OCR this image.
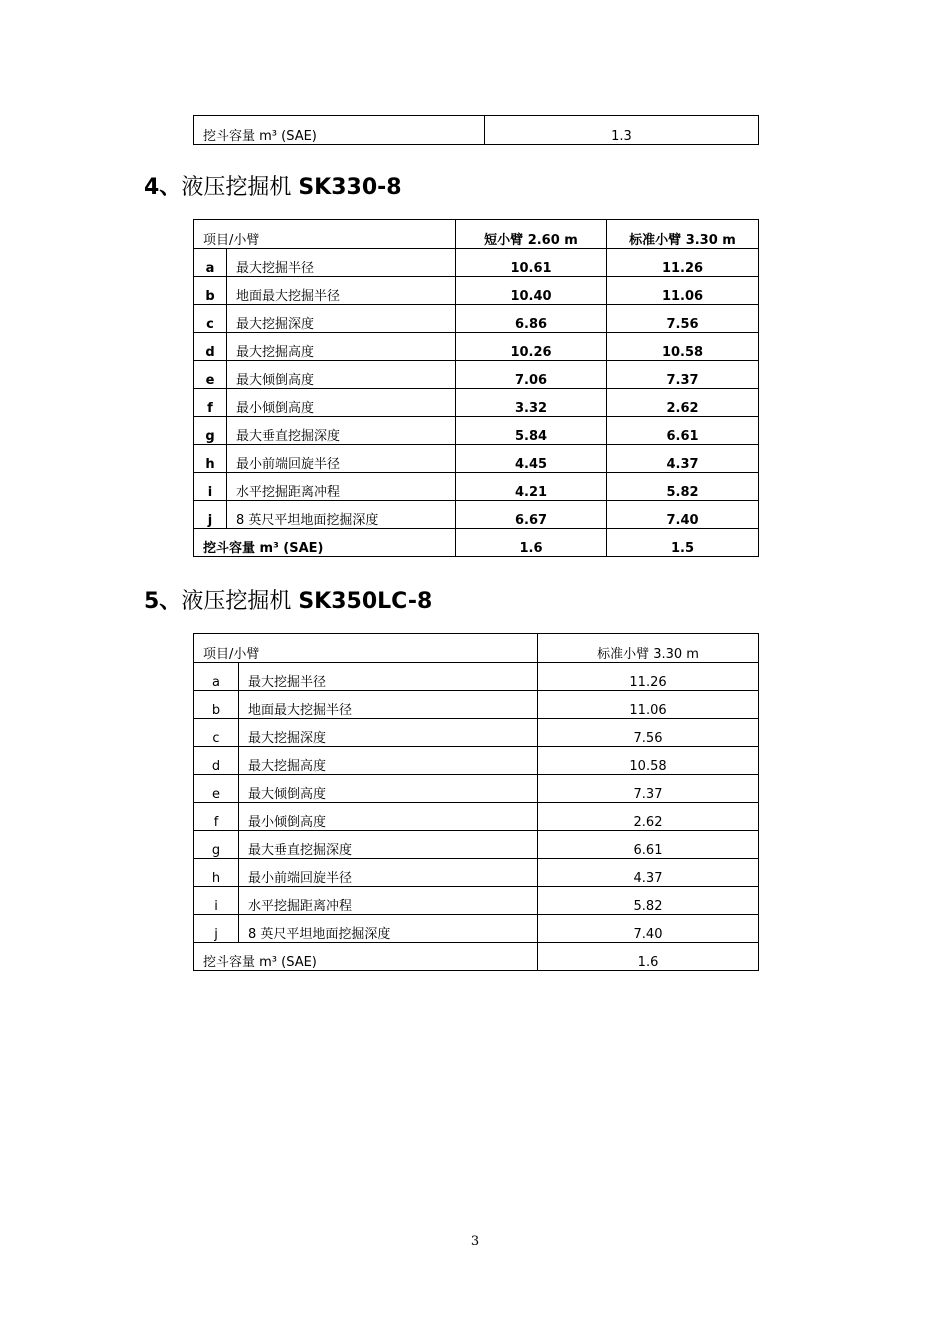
挖斗容量 m³ (SAE)	1.3
4、液压挖掘机 SK330-8
项目/小臂		短小臂 2.60 m	标准小臂 3.30 m
a	最大挖掘半径	10.61	11.26
b	地面最大挖掘半径	10.40	11.06
c	最大挖掘深度	6.86	7.56
d	最大挖掘高度	10.26	10.58
e	最大倾倒高度	7.06	7.37
f	最小倾倒高度	3.32	2.62
g	最大垂直挖掘深度	5.84	6.61
h	最小前端回旋半径	4.45	4.37
i	水平挖掘距离冲程	4.21	5.82
j	8 英尺平坦地面挖掘深度	6.67	7.40
挖斗容量 m³ (SAE)		1.6	1.5
5、液压挖掘机 SK350LC-8
项目/小臂		标准小臂 3.30 m
a	最大挖掘半径	11.26
b	地面最大挖掘半径	11.06
c	最大挖掘深度	7.56
d	最大挖掘高度	10.58
e	最大倾倒高度	7.37
f	最小倾倒高度	2.62
g	最大垂直挖掘深度	6.61
h	最小前端回旋半径	4.37
i	水平挖掘距离冲程	5.82
j	8 英尺平坦地面挖掘深度	7.40
挖斗容量 m³ (SAE)		1.6
3
